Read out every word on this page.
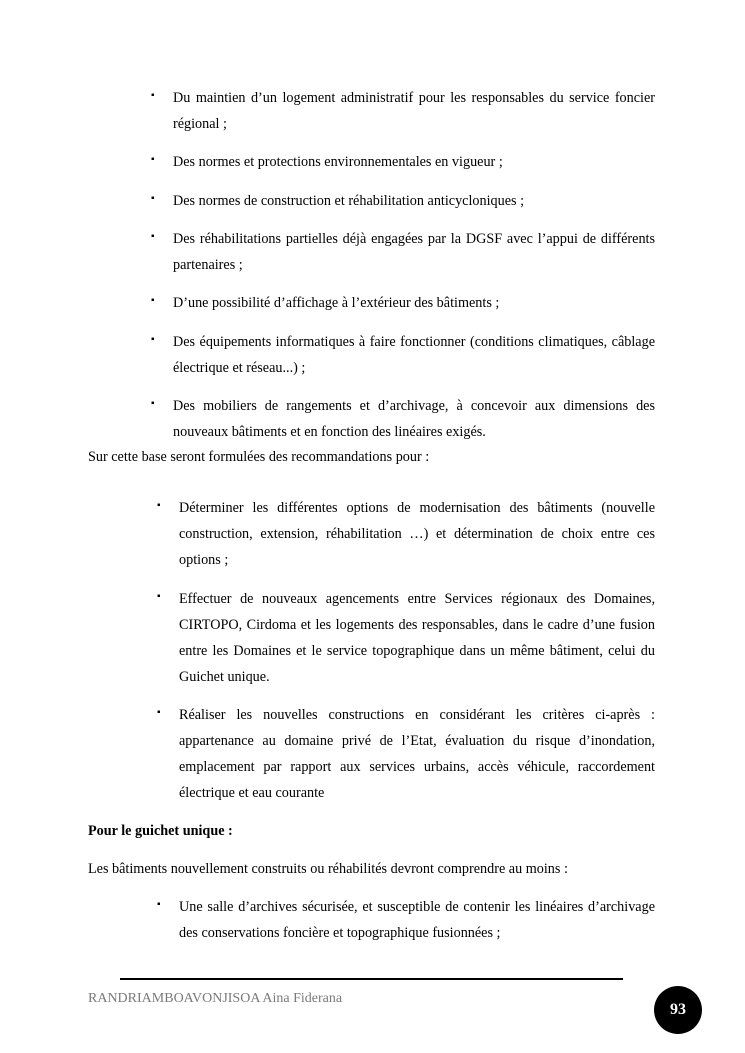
▪ Du maintien d’un logement administratif pour les responsables du service foncier régional ;
▪ Des normes et protections environnementales en vigueur ;
▪ Des normes de construction et réhabilitation anticycloniques ;
▪ Des réhabilitations partielles déjà engagées par la DGSF avec l’appui de différents partenaires ;
▪ D’une possibilité d’affichage à l’extérieur des bâtiments ;
▪ Des équipements informatiques à faire fonctionner (conditions climatiques, câblage électrique et réseau...) ;
▪ Des mobiliers de rangements et d’archivage, à concevoir aux dimensions des nouveaux bâtiments et en fonction des linéaires exigés.

Sur cette base seront formulées des recommandations pour :

▪ Déterminer les différentes options de modernisation des bâtiments (nouvelle construction, extension, réhabilitation …) et détermination de choix entre ces options ;
▪ Effectuer de nouveaux agencements entre Services régionaux des Domaines, CIRTOPO, Cirdoma et les logements des responsables, dans le cadre d’une fusion entre les Domaines et le service topographique dans un même bâtiment, celui du Guichet unique.
▪ Réaliser les nouvelles constructions en considérant les critères ci-après : appartenance au domaine privé de l’Etat, évaluation du risque d’inondation, emplacement par rapport aux services urbains, accès véhicule, raccordement électrique et eau courante

Pour le guichet unique :

Les bâtiments nouvellement construits ou réhabilités devront comprendre au moins :

▪ Une salle d’archives sécurisée, et susceptible de contenir les linéaires d’archivage des conservations foncière et topographique fusionnées ;
RANDRIAMBOAVONJISOA Aina Fiderana
93
